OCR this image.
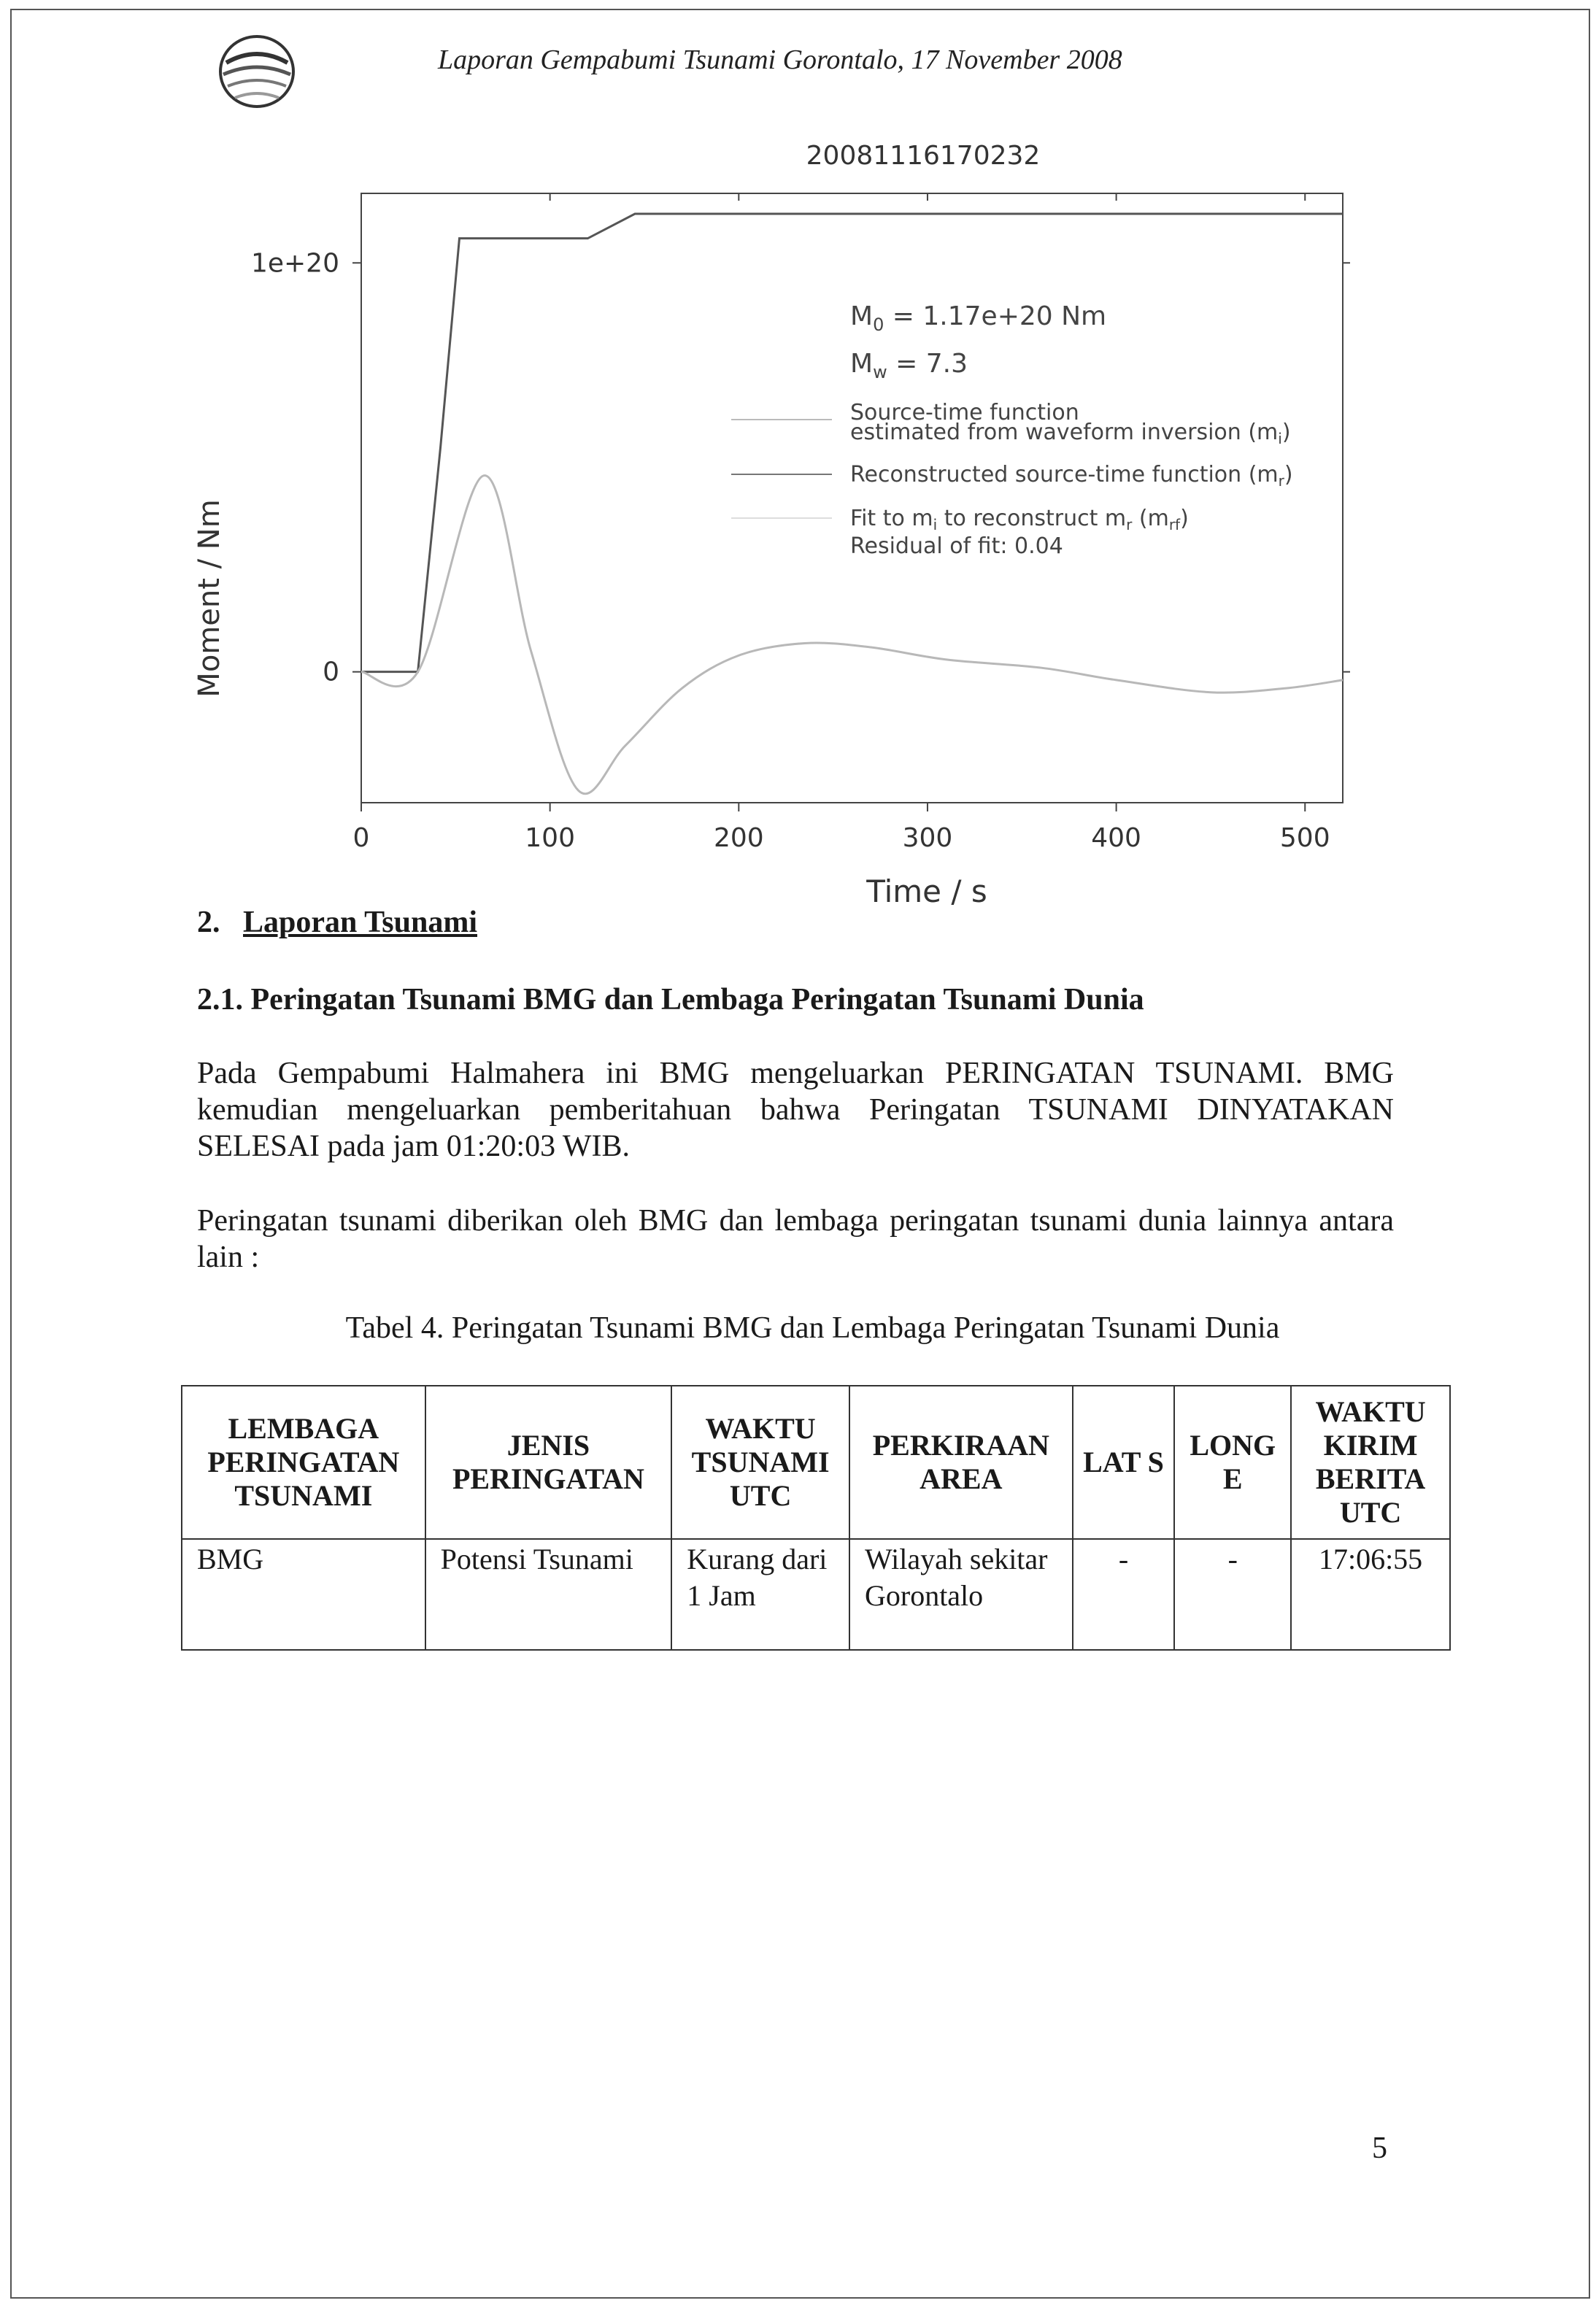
Laporan Gempabumi Tsunami Gorontalo, 17 November 2008
20081116170232
0	100	200	300	400	500
0
1e+20
Moment / Nm
Time / s
$M_0 = 1.17e+20$ Nm
$M_w = 7.3$
Source-time function
estimated from waveform inversion $(m_i)$
Reconstructed source-time function $(m_r)$
Fit to $m_i$ to reconstruct $m_r$ $(m_{rf})$
Residual of fit: 0.04
2. Laporan Tsunami
2.1. Peringatan Tsunami BMG dan Lembaga Peringatan Tsunami Dunia
Pada Gempabumi Halmahera ini BMG mengeluarkan PERINGATAN TSUNAMI. BMG kemudian mengeluarkan pemberitahuan bahwa Peringatan TSUNAMI DINYATAKAN SELESAI pada jam 01:20:03 WIB.
Peringatan tsunami diberikan oleh BMG dan lembaga peringatan tsunami dunia lainnya antara lain :
Tabel 4. Peringatan Tsunami BMG dan Lembaga Peringatan Tsunami Dunia
LEMBAGA PERINGATAN TSUNAMI	JENIS PERINGATAN	WAKTU TSUNAMI UTC	PERKIRAAN AREA	LAT S	LONG E	WAKTU KIRIM BERITA UTC
BMG	Potensi Tsunami	Kurang dari 1 Jam	Wilayah sekitar Gorontalo	-	-	17:06:55
5
